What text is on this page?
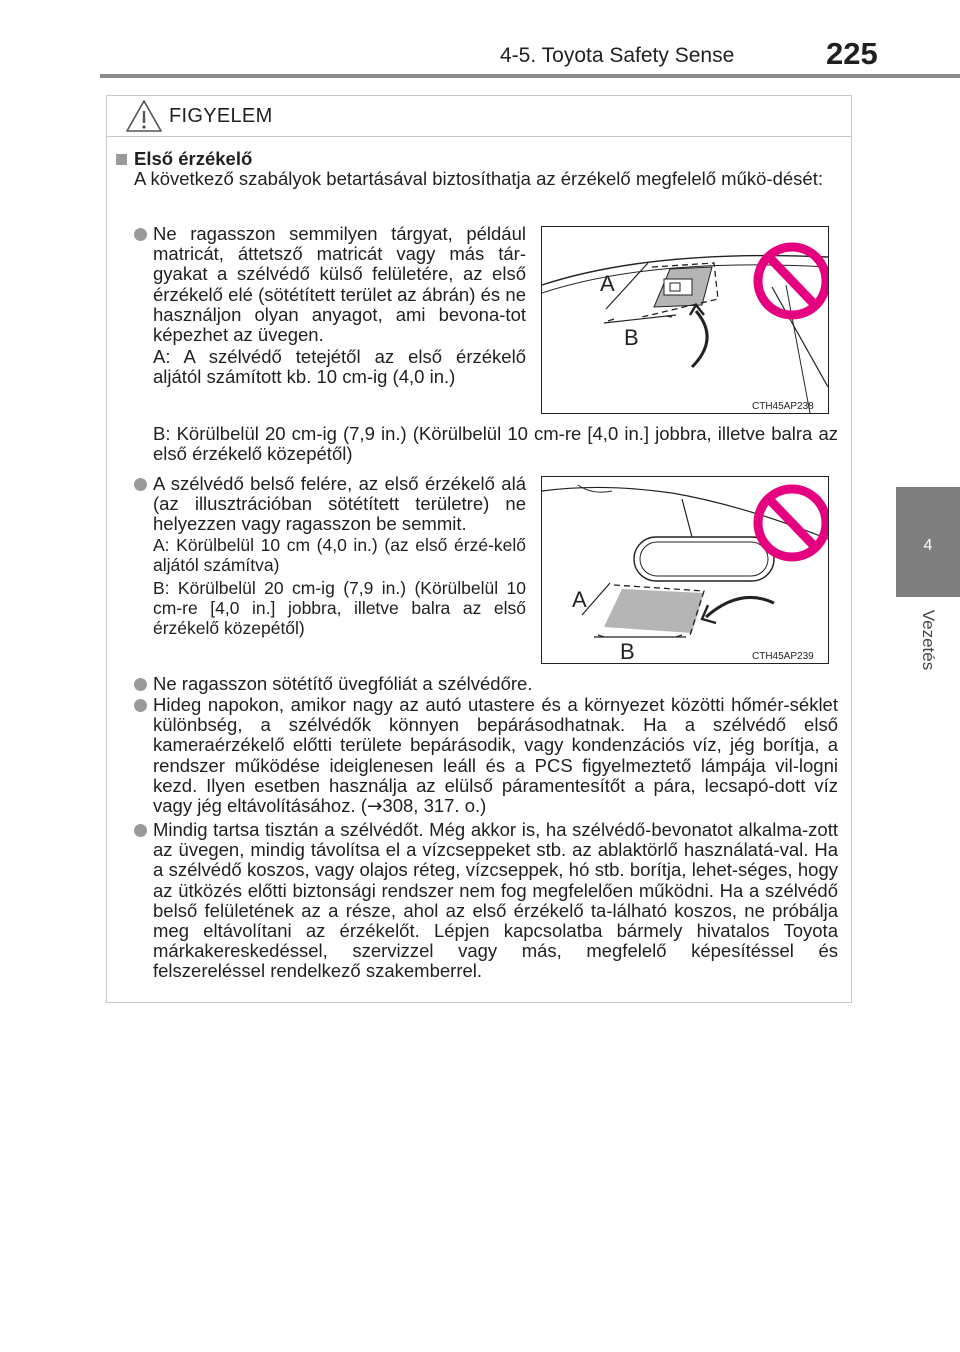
4-5. Toyota Safety Sense	225
4
Vezetés
FIGYELEM
Első érzékelő

A következő szabályok betartásával biztosíthatja az érzékelő megfelelő műkö-dését:

Ne ragasszon semmilyen tárgyat, például matricát, áttetsző matricát vagy más tár-gyakat a szélvédő külső felületére, az első érzékelő elé (sötétített terület az ábrán) és ne használjon olyan anyagot, ami bevona-tot képezhet az üvegen.

A: A szélvédő tetejétől az első érzékelő aljától számított kb. 10 cm-ig (4,0 in.)

B: Körülbelül 20 cm-ig (7,9 in.) (Körülbelül 10 cm-re [4,0 in.] jobbra, illetve balra az első érzékelő közepétől)

A
B
CTH45AP238

A szélvédő belső felére, az első érzékelő alá (az illusztrációban sötétített területre) ne helyezzen vagy ragasszon be semmit.

A: Körülbelül 10 cm (4,0 in.) (az első érzé-kelő aljától számítva)

B: Körülbelül 20 cm-ig (7,9 in.) (Körülbelül 10 cm-re [4,0 in.] jobbra, illetve balra az első érzékelő közepétől)

A
B	CTH45AP239

Ne ragasszon sötétítő üvegfóliát a szélvédőre.

Hideg napokon, amikor nagy az autó utastere és a környezet közötti hőmér-séklet különbség, a szélvédők könnyen bepárásodhatnak. Ha a szélvédő első kameraérzékelő előtti területe bepárásodik, vagy kondenzációs víz, jég borítja, a rendszer működése ideiglenesen leáll és a PCS figyelmeztető lámpája vil-logni kezd. Ilyen esetben használja az elülső páramentesítőt a pára, lecsapó-dott víz vagy jég eltávolításához. (→308, 317. o.)

Mindig tartsa tisztán a szélvédőt. Még akkor is, ha szélvédő-bevonatot alkalma-zott az üvegen, mindig távolítsa el a vízcseppeket stb. az ablaktörlő használatá-val. Ha a szélvédő koszos, vagy olajos réteg, vízcseppek, hó stb. borítja, lehet-séges, hogy az ütközés előtti biztonsági rendszer nem fog megfelelően működni. Ha a szélvédő belső felületének az a része, ahol az első érzékelő ta-lálható koszos, ne próbálja meg eltávolítani az érzékelőt. Lépjen kapcsolatba bármely hivatalos Toyota márkakereskedéssel, szervizzel vagy más, megfelelő képesítéssel és felszereléssel rendelkező szakemberrel.
